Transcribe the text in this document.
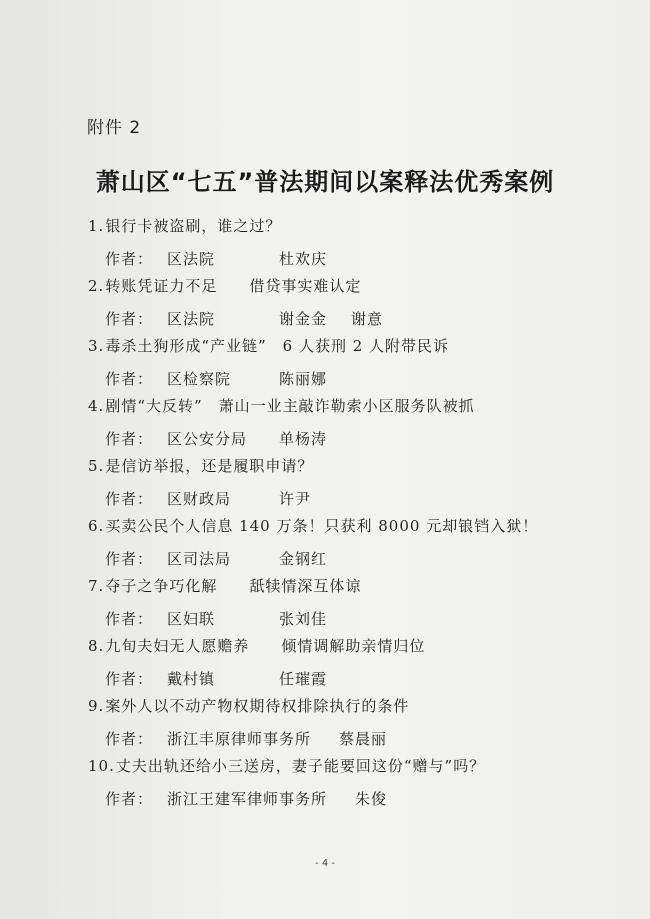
附件 2
萧山区“七五”普法期间以案释法优秀案例
1.银行卡被盗刷，谁之过？
作者： 区法院	杜欢庆
2.转账凭证力不足　　借贷事实难认定
作者： 区法院	谢金金 谢意
3.毒杀土狗形成“产业链”　6 人获刑 2 人附带民诉
作者： 区检察院	陈丽娜
4.剧情“大反转”　萧山一业主敲诈勒索小区服务队被抓
作者： 区公安分局 单杨涛
5.是信访举报，还是履职申请？
作者： 区财政局	许尹
6.买卖公民个人信息 140 万条！只获利 8000 元却锒铛入狱！
作者： 区司法局	金钢红
7.夺子之争巧化解　　舐犊情深互体谅
作者： 区妇联	张刘佳
8.九旬夫妇无人愿赡养　　倾情调解助亲情归位
作者： 戴村镇	任璀霞
9.案外人以不动产物权期待权排除执行的条件
作者： 浙江丰原律师事务所 蔡晨丽
10.丈夫出轨还给小三送房，妻子能要回这份“赠与”吗？
作者： 浙江王建军律师事务所 朱俊
- 4 -
